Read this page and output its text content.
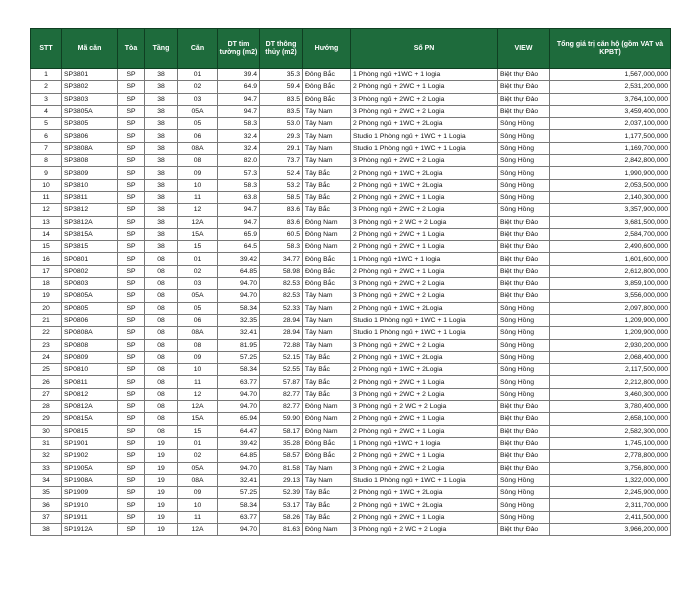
STT	Mã căn	Tòa	Tầng	Căn	DT tim tường (m2)	DT thông thủy (m2)	Hướng	Số PN	VIEW	Tổng giá trị căn hộ (gồm VAT và KPBT)
1	SP3801	SP	38	01	39.4	35.3	Đông Bắc	1 Phòng ngủ +1WC + 1 logia	Biệt thự Đảo	1,567,000,000
2	SP3802	SP	38	02	64.9	59.4	Đông Bắc	2 Phòng ngủ + 2WC + 1 Logia	Biệt thự Đảo	2,531,200,000
3	SP3803	SP	38	03	94.7	83.5	Đông Bắc	3 Phòng ngủ + 2WC + 2 Logia	Biệt thự Đảo	3,764,100,000
4	SP3805A	SP	38	05A	94.7	83.5	Tây Nam	3 Phòng ngủ + 2WC + 2 Logia	Biệt thự Đảo	3,459,400,000
5	SP3805	SP	38	05	58.3	53.0	Tây Nam	2 Phòng ngủ + 1WC + 2Logia	Sông Hồng	2,037,100,000
6	SP3806	SP	38	06	32.4	29.3	Tây Nam	Studio 1 Phòng ngủ + 1WC + 1 Logia	Sông Hồng	1,177,500,000
7	SP3808A	SP	38	08A	32.4	29.1	Tây Nam	Studio 1 Phòng ngủ + 1WC + 1 Logia	Sông Hồng	1,169,700,000
8	SP3808	SP	38	08	82.0	73.7	Tây Nam	3 Phòng ngủ + 2WC + 2 Logia	Sông Hồng	2,842,800,000
9	SP3809	SP	38	09	57.3	52.4	Tây Bắc	2 Phòng ngủ + 1WC + 2Logia	Sông Hồng	1,990,900,000
10	SP3810	SP	38	10	58.3	53.2	Tây Bắc	2 Phòng ngủ + 1WC + 2Logia	Sông Hồng	2,053,500,000
11	SP3811	SP	38	11	63.8	58.5	Tây Bắc	2 Phòng ngủ + 2WC + 1 Logia	Sông Hồng	2,140,300,000
12	SP3812	SP	38	12	94.7	83.6	Tây Bắc	3 Phòng ngủ + 2WC + 2 Logia	Sông Hồng	3,357,900,000
13	SP3812A	SP	38	12A	94.7	83.6	Đông Nam	3 Phòng ngủ + 2 WC + 2 Logia	Biệt thự Đảo	3,681,500,000
14	SP3815A	SP	38	15A	65.9	60.5	Đông Nam	2 Phòng ngủ + 2WC + 1 Logia	Biệt thự Đảo	2,584,700,000
15	SP3815	SP	38	15	64.5	58.3	Đông Nam	2 Phòng ngủ + 2WC + 1 Logia	Biệt thự Đảo	2,490,600,000
16	SP0801	SP	08	01	39.42	34.77	Đông Bắc	1 Phòng ngủ +1WC + 1 logia	Biệt thự Đảo	1,601,600,000
17	SP0802	SP	08	02	64.85	58.98	Đông Bắc	2 Phòng ngủ + 2WC + 1 Logia	Biệt thự Đảo	2,612,800,000
18	SP0803	SP	08	03	94.70	82.53	Đông Bắc	3 Phòng ngủ + 2WC + 2 Logia	Biệt thự Đảo	3,859,100,000
19	SP0805A	SP	08	05A	94.70	82.53	Tây Nam	3 Phòng ngủ + 2WC + 2 Logia	Biệt thự Đảo	3,556,000,000
20	SP0805	SP	08	05	58.34	52.33	Tây Nam	2 Phòng ngủ + 1WC + 2Logia	Sông Hồng	2,097,800,000
21	SP0806	SP	08	06	32.35	28.94	Tây Nam	Studio 1 Phòng ngủ + 1WC + 1 Logia	Sông Hồng	1,209,900,000
22	SP0808A	SP	08	08A	32.41	28.94	Tây Nam	Studio 1 Phòng ngủ + 1WC + 1 Logia	Sông Hồng	1,209,900,000
23	SP0808	SP	08	08	81.95	72.88	Tây Nam	3 Phòng ngủ + 2WC + 2 Logia	Sông Hồng	2,930,200,000
24	SP0809	SP	08	09	57.25	52.15	Tây Bắc	2 Phòng ngủ + 1WC + 2Logia	Sông Hồng	2,068,400,000
25	SP0810	SP	08	10	58.34	52.55	Tây Bắc	2 Phòng ngủ + 1WC + 2Logia	Sông Hồng	2,117,500,000
26	SP0811	SP	08	11	63.77	57.87	Tây Bắc	2 Phòng ngủ + 2WC + 1 Logia	Sông Hồng	2,212,800,000
27	SP0812	SP	08	12	94.70	82.77	Tây Bắc	3 Phòng ngủ + 2WC + 2 Logia	Sông Hồng	3,460,300,000
28	SP0812A	SP	08	12A	94.70	82.77	Đông Nam	3 Phòng ngủ + 2 WC + 2 Logia	Biệt thự Đảo	3,780,400,000
29	SP0815A	SP	08	15A	65.94	59.90	Đông Nam	2 Phòng ngủ + 2WC + 1 Logia	Biệt thự Đảo	2,658,100,000
30	SP0815	SP	08	15	64.47	58.17	Đông Nam	2 Phòng ngủ + 2WC + 1 Logia	Biệt thự Đảo	2,582,300,000
31	SP1901	SP	19	01	39.42	35.28	Đông Bắc	1 Phòng ngủ +1WC + 1 logia	Biệt thự Đảo	1,745,100,000
32	SP1902	SP	19	02	64.85	58.57	Đông Bắc	2 Phòng ngủ + 2WC + 1 Logia	Biệt thự Đảo	2,778,800,000
33	SP1905A	SP	19	05A	94.70	81.58	Tây Nam	3 Phòng ngủ + 2WC + 2 Logia	Biệt thự Đảo	3,756,800,000
34	SP1908A	SP	19	08A	32.41	29.13	Tây Nam	Studio 1 Phòng ngủ + 1WC + 1 Logia	Sông Hồng	1,322,000,000
35	SP1909	SP	19	09	57.25	52.39	Tây Bắc	2 Phòng ngủ + 1WC + 2Logia	Sông Hồng	2,245,900,000
36	SP1910	SP	19	10	58.34	53.17	Tây Bắc	2 Phòng ngủ + 1WC + 2Logia	Sông Hồng	2,311,700,000
37	SP1911	SP	19	11	63.77	58.26	Tây Bắc	2 Phòng ngủ + 2WC + 1 Logia	Sông Hồng	2,411,500,000
38	SP1912A	SP	19	12A	94.70	81.63	Đông Nam	3 Phòng ngủ + 2 WC + 2 Logia	Biệt thự Đảo	3,966,200,000
